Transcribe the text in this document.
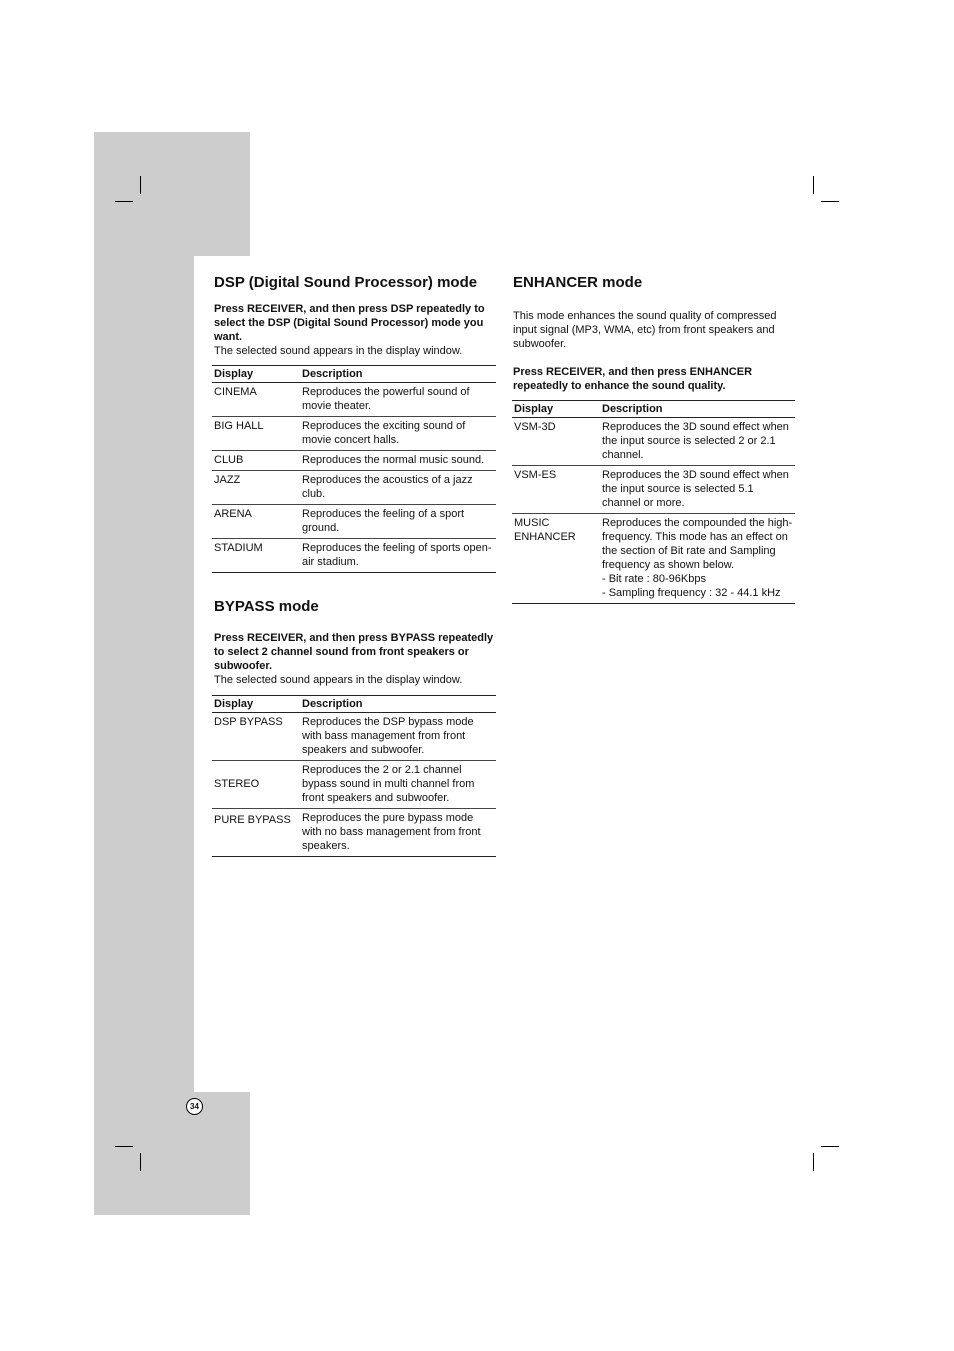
DSP (Digital Sound Processor) mode

Press RECEIVER, and then press DSP repeatedly to select the DSP (Digital Sound Processor) mode you want.

The selected sound appears in the display window.

Display	Description
CINEMA	Reproduces the powerful sound of movie theater.
BIG HALL	Reproduces the exciting sound of movie concert halls.
CLUB	Reproduces the normal music sound.
JAZZ	Reproduces the acoustics of a jazz club.
ARENA	Reproduces the feeling of a sport ground.
STADIUM	Reproduces the feeling of sports open-air stadium.
BYPASS mode

Press RECEIVER, and then press BYPASS repeatedly to select 2 channel sound from front speakers or subwoofer.

The selected sound appears in the display window.

Display	Description
DSP BYPASS	Reproduces the DSP bypass mode with bass management from front speakers and subwoofer.
STEREO	Reproduces the 2 or 2.1 channel bypass sound in multi channel from front speakers and subwoofer.
PURE BYPASS	Reproduces the pure bypass mode with no bass management from front speakers.
ENHANCER mode

This mode enhances the sound quality of compressed input signal (MP3, WMA, etc) from front speakers and subwoofer.

Press RECEIVER, and then press ENHANCER repeatedly to enhance the sound quality.

Display	Description
VSM-3D	Reproduces the 3D sound effect when the input source is selected 2 or 2.1 channel.
VSM-ES	Reproduces the 3D sound effect when the input source is selected 5.1 channel or more.
MUSIC ENHANCER	Reproduces the compounded the high-frequency. This mode has an effect on the section of Bit rate and Sampling frequency as shown below.
- Bit rate : 80-96Kbps
- Sampling frequency : 32 - 44.1 kHz
34
